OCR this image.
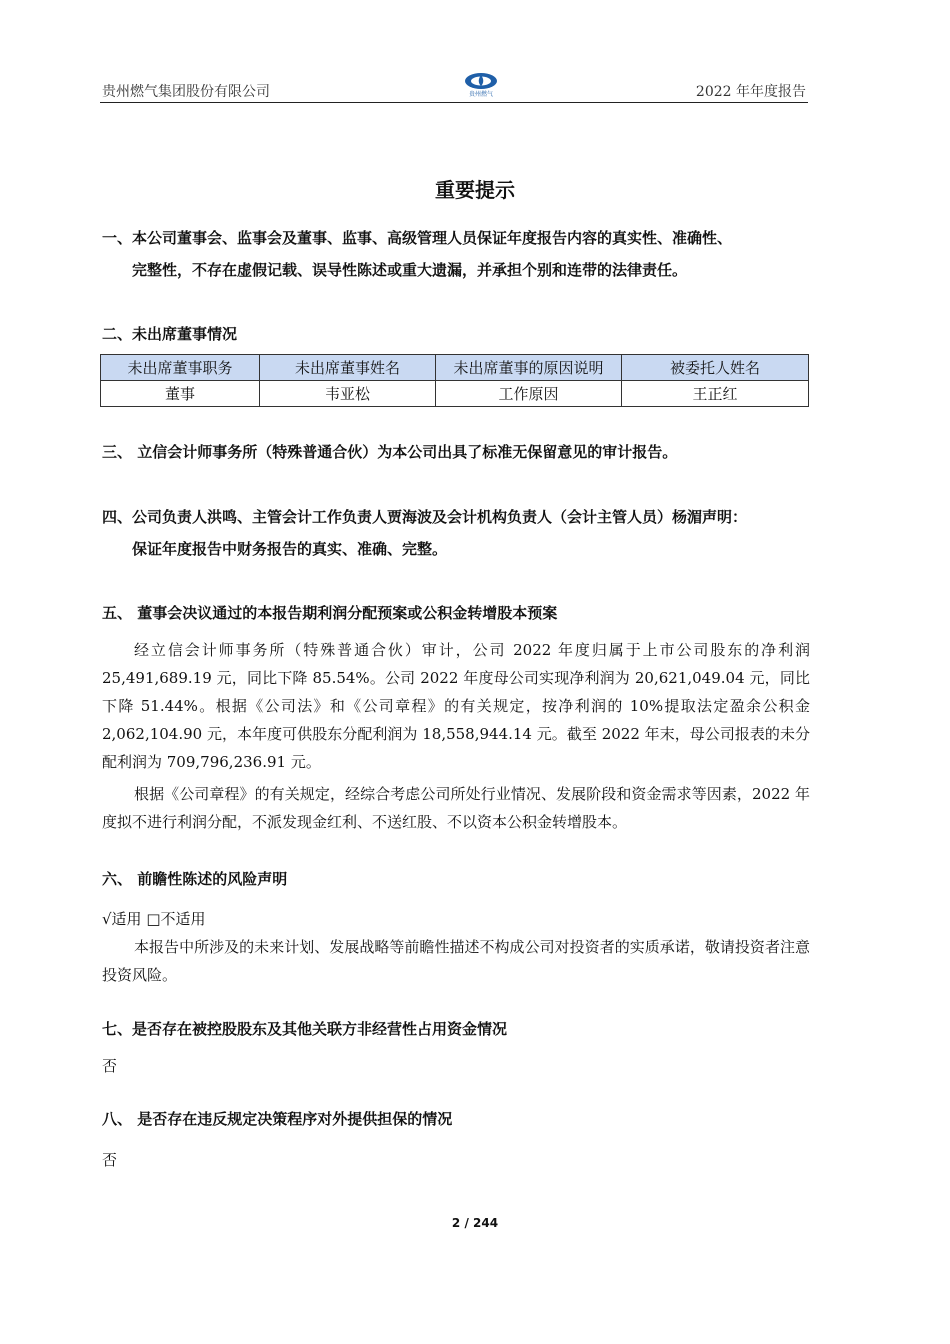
贵州燃气集团股份有限公司	贵州燃气	2022 年年度报告
重要提示
一、本公司董事会、监事会及董事、监事、高级管理人员保证年度报告内容的真实性、准确性、
完整性，不存在虚假记载、误导性陈述或重大遗漏，并承担个别和连带的法律责任。
二、未出席董事情况
未出席董事职务	未出席董事姓名	未出席董事的原因说明	被委托人姓名
董事	韦亚松	工作原因	王正红
三、 立信会计师事务所（特殊普通合伙）为本公司出具了标准无保留意见的审计报告。
四、公司负责人洪鸣、主管会计工作负责人贾海波及会计机构负责人（会计主管人员）杨湄声明：
保证年度报告中财务报告的真实、准确、完整。
五、 董事会决议通过的本报告期利润分配预案或公积金转增股本预案
经立信会计师事务所（特殊普通合伙）审计，公司 2022 年度归属于上市公司股东的净利润25,491,689.19 元，同比下降 85.54%。公司 2022 年度母公司实现净利润为 20,621,049.04 元，同比下降 51.44%。根据《公司法》和《公司章程》的有关规定，按净利润的 10%提取法定盈余公积金 2,062,104.90 元，本年度可供股东分配利润为 18,558,944.14 元。截至 2022 年末，母公司报表的未分配利润为 709,796,236.91 元。
根据《公司章程》的有关规定，经综合考虑公司所处行业情况、发展阶段和资金需求等因素，2022 年度拟不进行利润分配，不派发现金红利、不送红股、不以资本公积金转增股本。
六、 前瞻性陈述的风险声明
√适用 □不适用
本报告中所涉及的未来计划、发展战略等前瞻性描述不构成公司对投资者的实质承诺，敬请投资者注意投资风险。
七、是否存在被控股股东及其他关联方非经营性占用资金情况
否
八、 是否存在违反规定决策程序对外提供担保的情况
否
2 / 244
